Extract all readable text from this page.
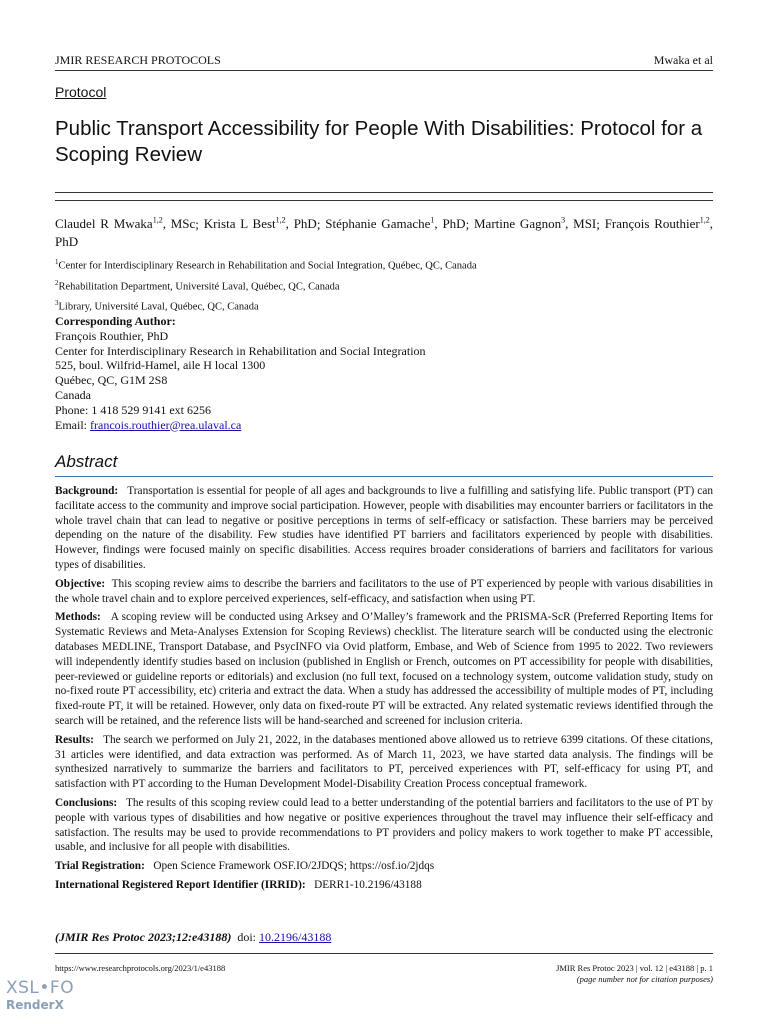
JMIR RESEARCH PROTOCOLS	Mwaka et al
Protocol
Public Transport Accessibility for People With Disabilities: Protocol for a Scoping Review
Claudel R Mwaka$^{1,2}$, MSc; Krista L Best$^{1,2}$, PhD; Stéphanie Gamache$^1$, PhD; Martine Gagnon$^3$, MSI; François Routhier$^{1,2}$, PhD
$^1$Center for Interdisciplinary Research in Rehabilitation and Social Integration, Québec, QC, Canada
$^2$Rehabilitation Department, Université Laval, Québec, QC, Canada
$^3$Library, Université Laval, Québec, QC, Canada
Corresponding Author:
François Routhier, PhD
Center for Interdisciplinary Research in Rehabilitation and Social Integration
525, boul. Wilfrid-Hamel, aile H local 1300
Québec, QC, G1M 2S8
Canada
Phone: 1 418 529 9141 ext 6256
Email: francois.routhier@rea.ulaval.ca
Abstract

Background: Transportation is essential for people of all ages and backgrounds to live a fulfilling and satisfying life. Public transport (PT) can facilitate access to the community and improve social participation. However, people with disabilities may encounter barriers or facilitators in the whole travel chain that can lead to negative or positive perceptions in terms of self-efficacy or satisfaction. These barriers may be perceived depending on the nature of the disability. Few studies have identified PT barriers and facilitators experienced by people with disabilities. However, findings were focused mainly on specific disabilities. Access requires broader considerations of barriers and facilitators for various types of disabilities.

Objective: This scoping review aims to describe the barriers and facilitators to the use of PT experienced by people with various disabilities in the whole travel chain and to explore perceived experiences, self-efficacy, and satisfaction when using PT.

Methods: A scoping review will be conducted using Arksey and O’Malley’s framework and the PRISMA-ScR (Preferred Reporting Items for Systematic Reviews and Meta-Analyses Extension for Scoping Reviews) checklist. The literature search will be conducted using the electronic databases MEDLINE, Transport Database, and PsycINFO via Ovid platform, Embase, and Web of Science from 1995 to 2022. Two reviewers will independently identify studies based on inclusion (published in English or French, outcomes on PT accessibility for people with disabilities, peer-reviewed or guideline reports or editorials) and exclusion (no full text, focused on a technology system, outcome validation study, study on no-fixed route PT accessibility, etc) criteria and extract the data. When a study has addressed the accessibility of multiple modes of PT, including fixed-route PT, it will be retained. However, only data on fixed-route PT will be extracted. Any related systematic reviews identified through the search will be retained, and the reference lists will be hand-searched and screened for inclusion criteria.

Results: The search we performed on July 21, 2022, in the databases mentioned above allowed us to retrieve 6399 citations. Of these citations, 31 articles were identified, and data extraction was performed. As of March 11, 2023, we have started data analysis. The findings will be synthesized narratively to summarize the barriers and facilitators to PT, perceived experiences with PT, self-efficacy for using PT, and satisfaction with PT according to the Human Development Model-Disability Creation Process conceptual framework.

Conclusions: The results of this scoping review could lead to a better understanding of the potential barriers and facilitators to the use of PT by people with various types of disabilities and how negative or positive experiences throughout the travel may influence their self-efficacy and satisfaction. The results may be used to provide recommendations to PT providers and policy makers to work together to make PT accessible, usable, and inclusive for all people with disabilities.

Trial Registration: Open Science Framework OSF.IO/2JDQS; https://osf.io/2jdqs

International Registered Report Identifier (IRRID): DERR1-10.2196/43188

(JMIR Res Protoc 2023;12:e43188) doi: 10.2196/43188
https://www.researchprotocols.org/2023/1/e43188	JMIR Res Protoc 2023 | vol. 12 | e43188 | p. 1
(page number not for citation purposes)
XSL•FO
RenderX
